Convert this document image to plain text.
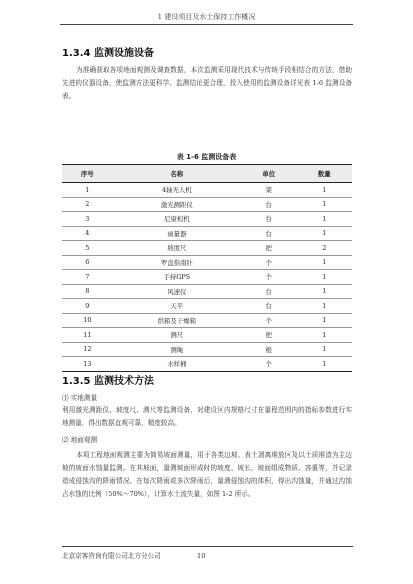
1 建设项目及水土保持工作概况
1.3.4 监测设施设备
为准确获取各项地面观测及调查数据，本次监测采用现代技术与传统手段相结合的方法，借助先进的仪器设备，使监测方法更科学、监测结论更合理，投入使用的监测设备详见表 1-6 监测设备表。
表 1-6 监测设备表
序号	名称	单位	数量
1	4轴无人机	架	1
2	激光测距仪	台	1
3	尼康相机	台	1
4	雨量器	台	1
5	坡度尺	把	2
6	罗盘指南针	个	1
7	手持GPS	个	1
8	风速仪	台	1
9	天平	台	1
10	烘箱及干燥箱	个	1
11	测尺	把	1
12	测绳	根	1
13	水样桶	个	1
1.3.5 监测技术方法
⑴ 实地测量
利用激光测距仪、坡度尺、测尺等监测设备，对建设区内规格尺寸在量程范围内的指标参数进行实地测量，得出数据直观可靠，精度较高。
⑵ 地面观测
本项工程地面观测主要为简易坡面测量，用于各类边坡、表土剥离堆放区及以土质堆渣为主边坡的坡面水蚀量监测。在其坡面，量测坡面形成时的坡度、坡长、坡面组成物质、容重等，并记录造成侵蚀沟的降雨情况。在每次降雨或多次降雨后，量测侵蚀沟的体积，得出沟蚀量，并通过沟蚀占水蚀的比例（50%～70%），计算水土流失量，如图 1-2 所示。
北京京客咨询有限公司北方分公司	10
